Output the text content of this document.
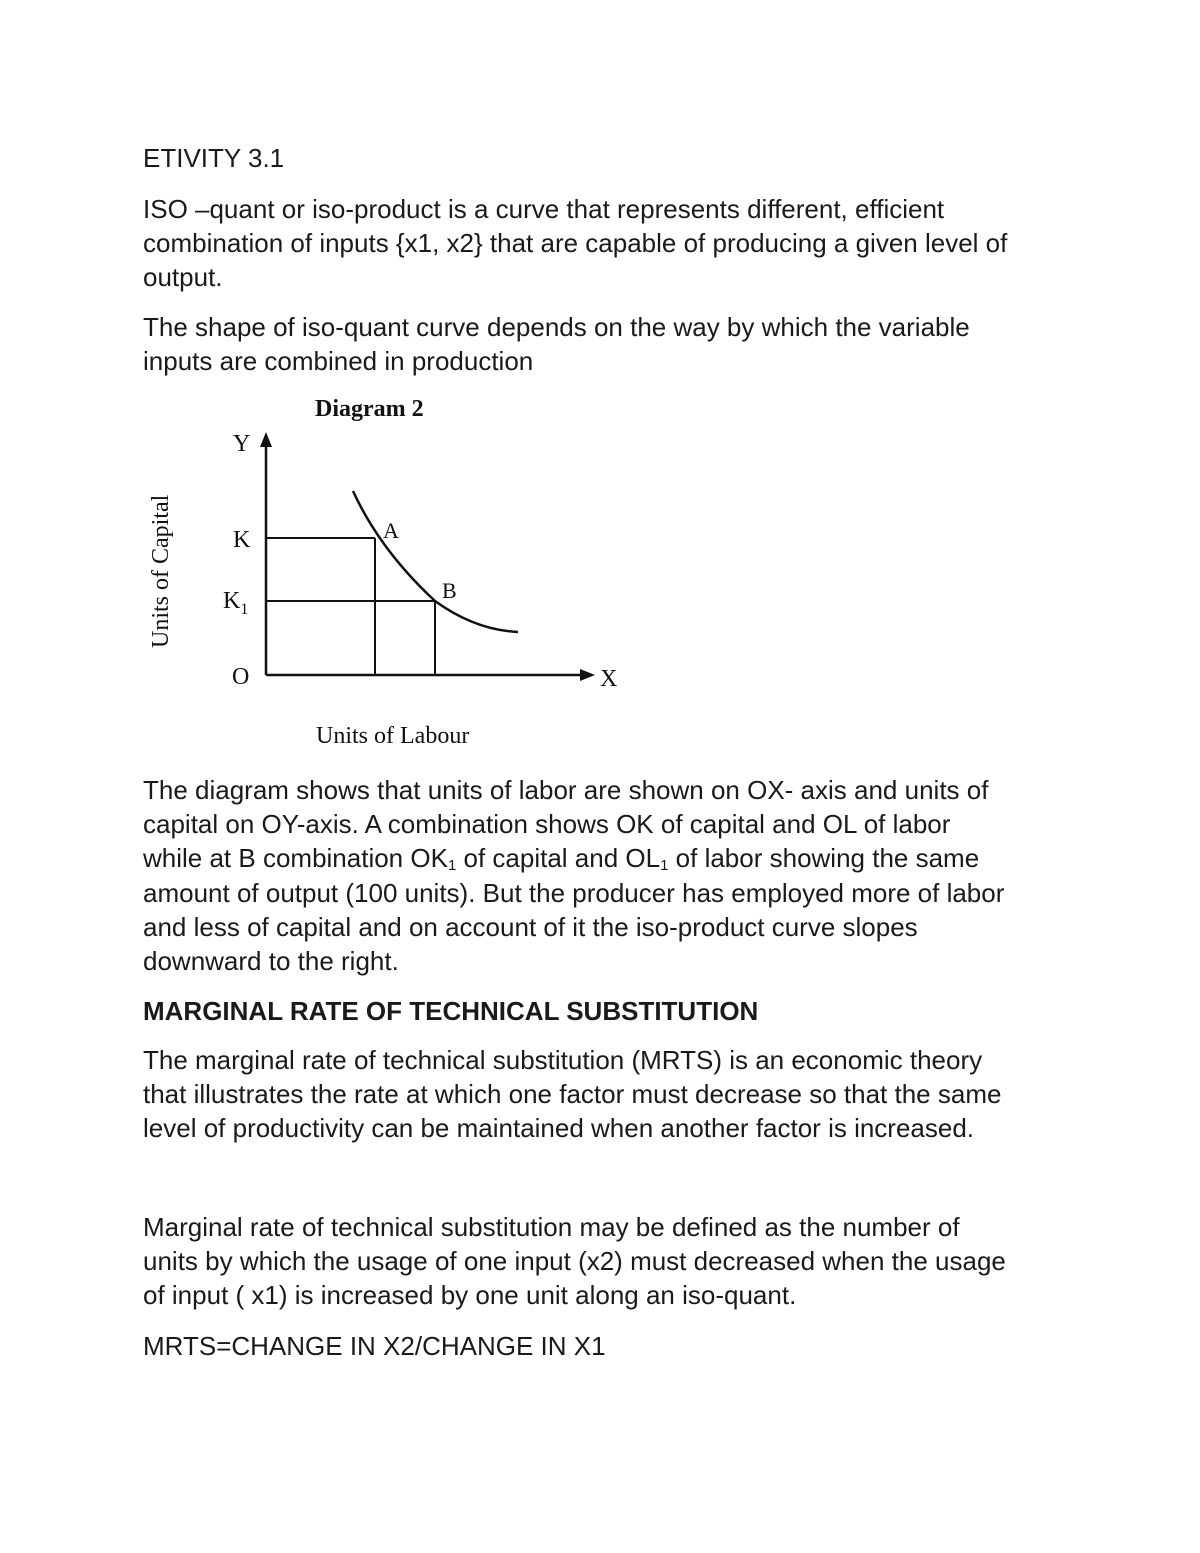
ETIVITY 3.1

ISO –quant or iso-product is a curve that represents different, efficient

combination of inputs {x1, x2} that are capable of producing a given level of

output.

The shape of iso-quant curve depends on the way by which the variable

inputs are combined in production

Diagram 2
Units of Capital
Y
X
O
K
$K_1$
A
B
Units of Labour

The diagram shows that units of labor are shown on OX- axis and units of

capital on OY-axis. A combination shows OK of capital and OL of labor

while at B combination $OK_1$ of capital and $OL_1$ of labor showing the same

amount of output (100 units). But the producer has employed more of labor

and less of capital and on account of it the iso-product curve slopes

downward to the right.

MARGINAL RATE OF TECHNICAL SUBSTITUTION

The marginal rate of technical substitution (MRTS) is an economic theory

that illustrates the rate at which one factor must decrease so that the same

level of productivity can be maintained when another factor is increased.

Marginal rate of technical substitution may be defined as the number of

units by which the usage of one input (x2) must decreased when the usage

of input ( x1) is increased by one unit along an iso-quant.

MRTS=CHANGE IN X2/CHANGE IN X1
